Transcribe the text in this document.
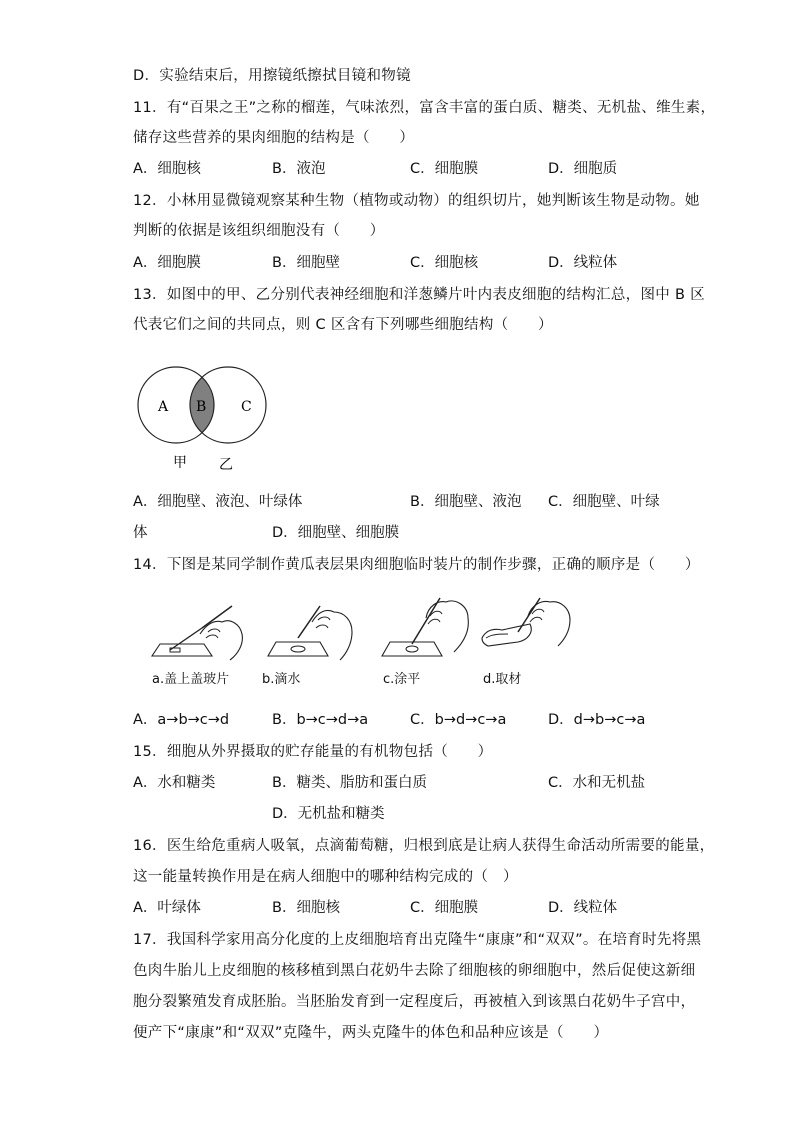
D．实验结束后，用擦镜纸擦拭目镜和物镜
11．有“百果之王”之称的榴莲，气味浓烈，富含丰富的蛋白质、糖类、无机盐、维生素，
储存这些营养的果肉细胞的结构是（　　）
A．细胞核	B．液泡	C．细胞膜	D．细胞质
12．小林用显微镜观察某种生物（植物或动物）的组织切片，她判断该生物是动物。她
判断的依据是该组织细胞没有（　　）
A．细胞膜	B．细胞壁	C．细胞核	D．线粒体
13．如图中的甲、乙分别代表神经细胞和洋葱鳞片叶内表皮细胞的结构汇总，图中 B 区
代表它们之间的共同点，则 C 区含有下列哪些细胞结构（　　）
A B C
甲 乙
A．细胞壁、液泡、叶绿体	B．细胞壁、液泡 C．细胞壁、叶绿
体	D．细胞壁、细胞膜
14．下图是某同学制作黄瓜表层果肉细胞临时装片的制作步骤，正确的顺序是（　　）
a.盖上盖玻片	b.滴水	c.涂平	d.取材
A．a→b→c→d	B．b→c→d→a	C．b→d→c→a	D．d→b→c→a
15．细胞从外界摄取的贮存能量的有机物包括（　　）
A．水和糖类	B．糖类、脂肪和蛋白质	C．水和无机盐
D．无机盐和糖类
16．医生给危重病人吸氧，点滴葡萄糖，归根到底是让病人获得生命活动所需要的能量，
这一能量转换作用是在病人细胞中的哪种结构完成的（　）
A．叶绿体	B．细胞核	C．细胞膜	D．线粒体
17．我国科学家用高分化度的上皮细胞培育出克隆牛“康康”和“双双”。在培育时先将黑
色肉牛胎儿上皮细胞的核移植到黑白花奶牛去除了细胞核的卵细胞中，然后促使这新细
胞分裂繁殖发育成胚胎。当胚胎发育到一定程度后，再被植入到该黑白花奶牛子宫中，
便产下“康康”和“双双”克隆牛，两头克隆牛的体色和品种应该是（　　）
